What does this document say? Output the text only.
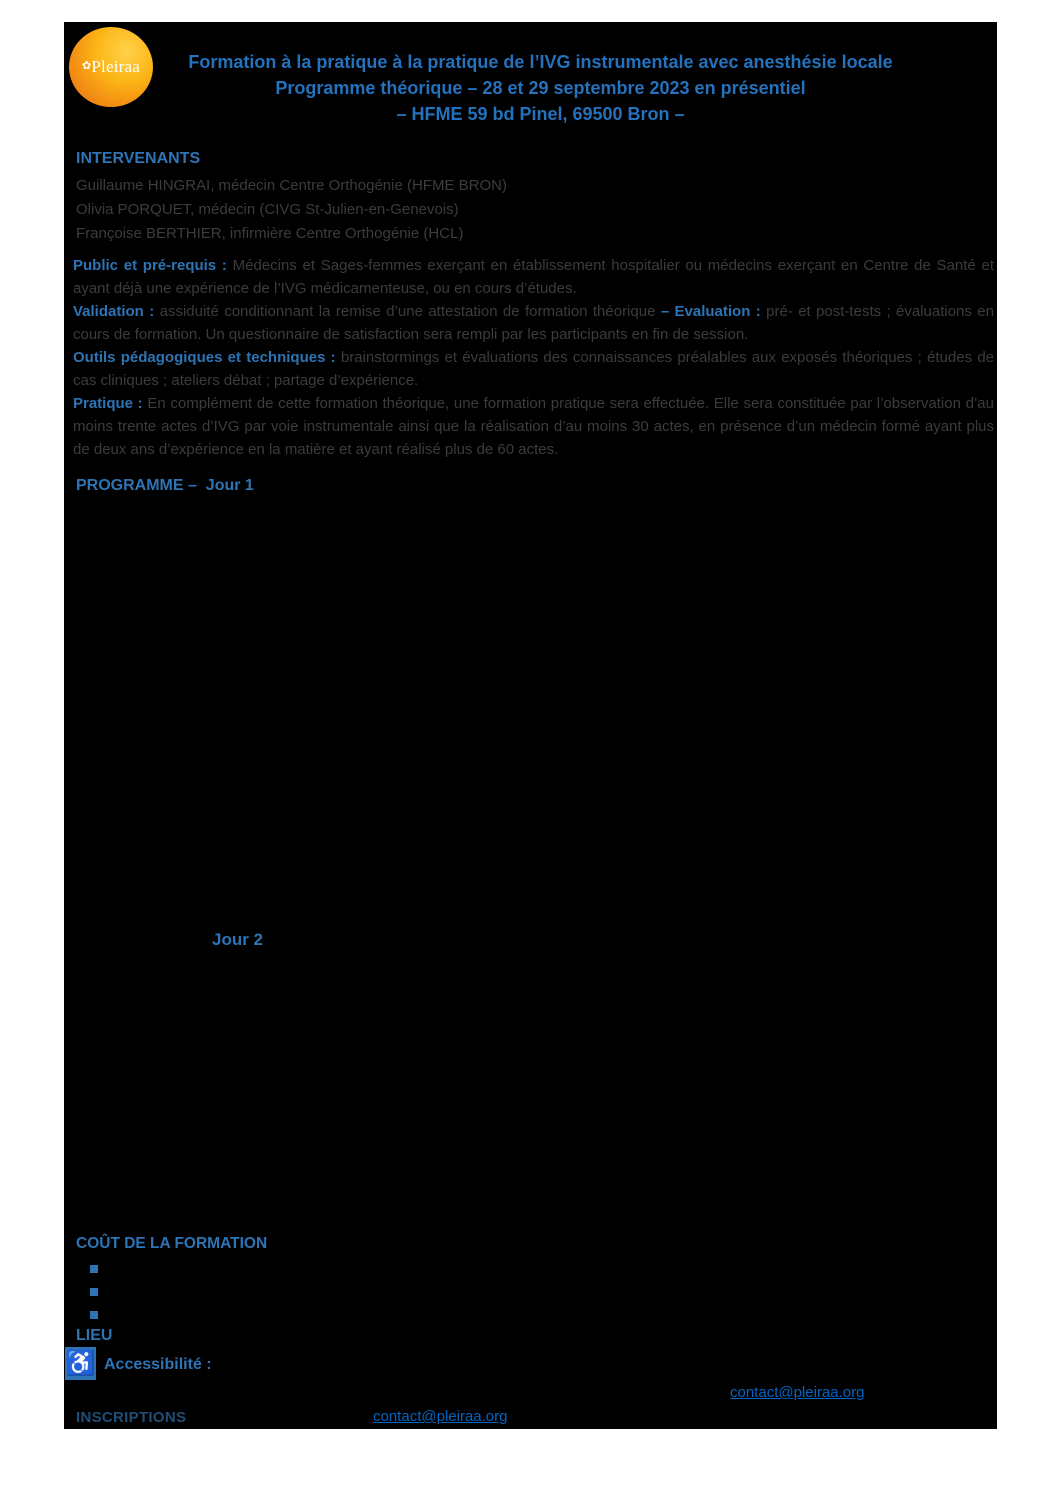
✿Pleiraa	Formation à la pratique à la pratique de l’IVG instrumentale avec anesthésie locale
Programme théorique – 28 et 29 septembre 2023 en présentiel
– HFME 59 bd Pinel, 69500 Bron –
INTERVENANTS
Guillaume HINGRAI, médecin Centre Orthogénie (HFME BRON)
Olivia PORQUET, médecin (CIVG St-Julien-en-Genevois)
Françoise BERTHIER, infirmière Centre Orthogénie (HCL)

Public et pré-requis : Médecins et Sages-femmes exerçant en établissement hospitalier ou médecins exerçant en Centre de Santé et ayant déjà une expérience de l’IVG médicamenteuse, ou en cours d’études.

Validation : assiduité conditionnant la remise d’une attestation de formation théorique – Evaluation : pré- et post-tests ; évaluations en cours de formation. Un questionnaire de satisfaction sera rempli par les participants en fin de session.

Outils pédagogiques et techniques : brainstormings et évaluations des connaissances préalables aux exposés théoriques ; études de cas cliniques ; ateliers débat ; partage d’expérience.

Pratique : En complément de cette formation théorique, une formation pratique sera effectuée. Elle sera constituée par l’observation d’au moins trente actes d’IVG par voie instrumentale ainsi que la réalisation d’au moins 30 actes, en présence d’un médecin formé ayant plus de deux ans d’expérience en la matière et ayant réalisé plus de 60 actes.

PROGRAMME –  Jour 1
Jour 2
COÛT DE LA FORMATION
LIEU
♿ Accessibilité :
contact@pleiraa.org
INSCRIPTIONS	contact@pleiraa.org
